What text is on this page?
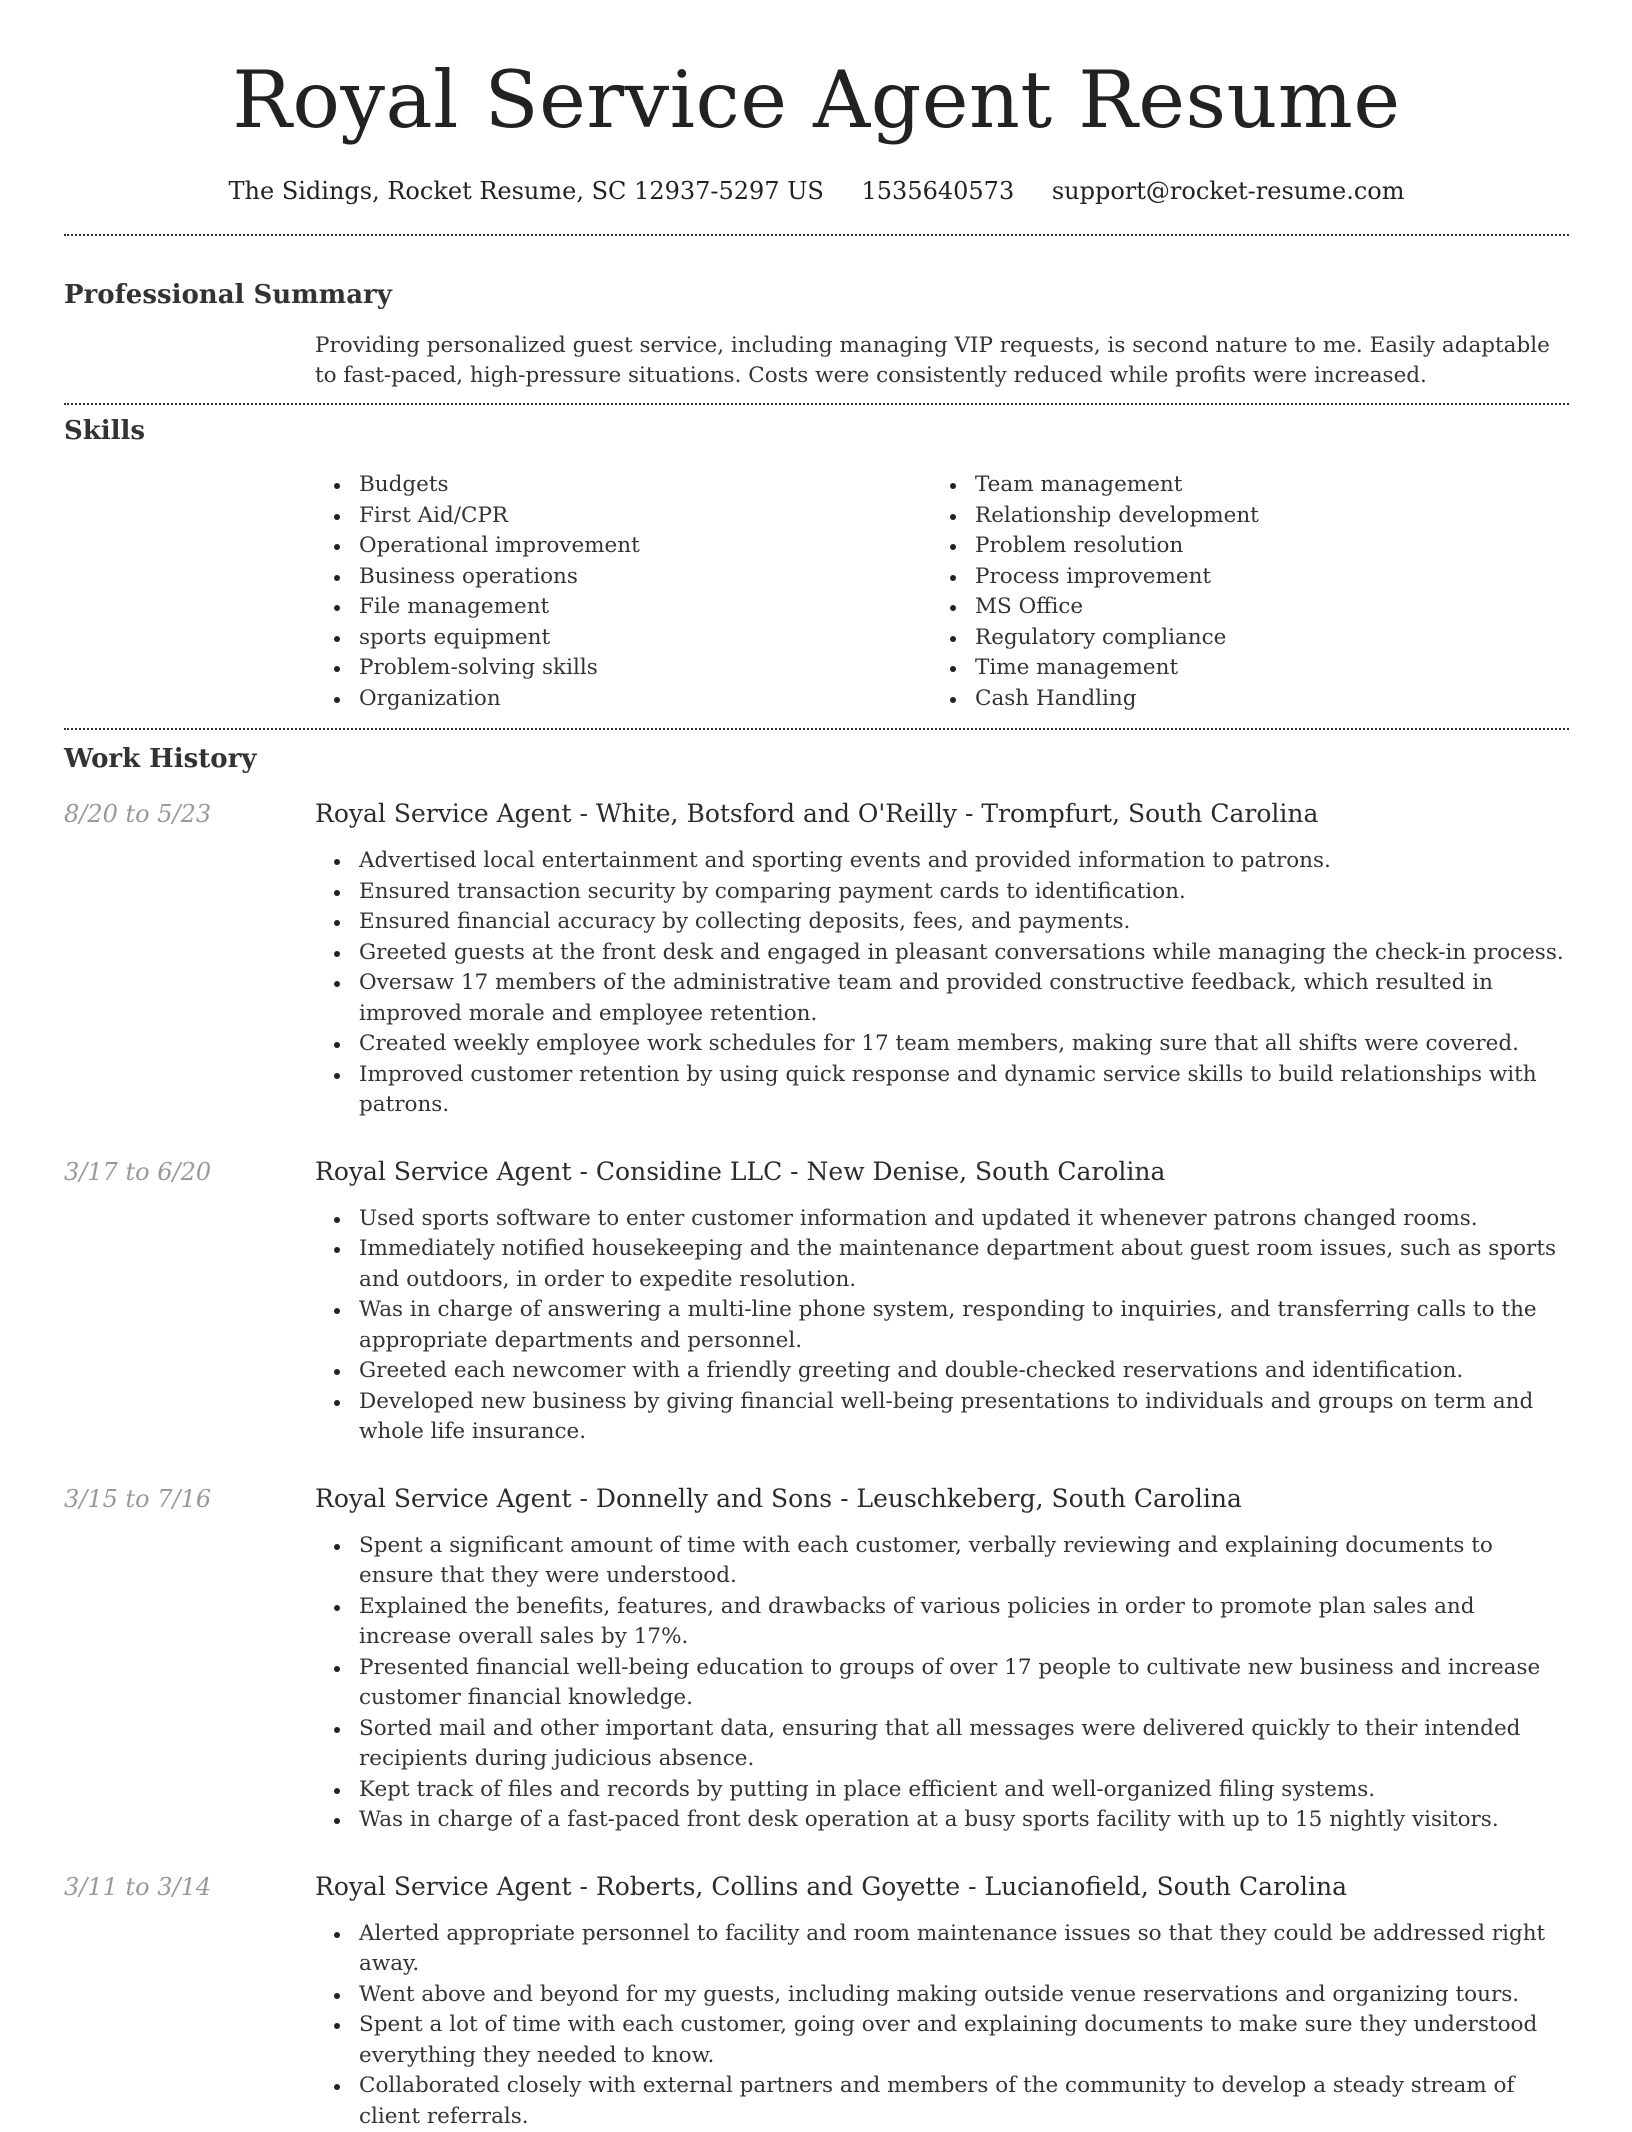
Royal Service Agent Resume
The Sidings, Rocket Resume, SC 12937-5297 US 1535640573 support@rocket-resume.com
Professional Summary

Providing personalized guest service, including managing VIP requests, is second nature to me. Easily adaptable to fast-paced, high-pressure situations. Costs were consistently reduced while profits were increased.

Skills
Budgets
First Aid/CPR
Operational improvement
Business operations
File management
sports equipment
Problem-solving skills
Organization
Team management
Relationship development
Problem resolution
Process improvement
MS Office
Regulatory compliance
Time management
Cash Handling
Work History
8/20 to 5/23	Royal Service Agent - White, Botsford and O'Reilly - Trompfurt, South Carolina
Advertised local entertainment and sporting events and provided information to patrons.
Ensured transaction security by comparing payment cards to identification.
Ensured financial accuracy by collecting deposits, fees, and payments.
Greeted guests at the front desk and engaged in pleasant conversations while managing the check-in process.
Oversaw 17 members of the administrative team and provided constructive feedback, which resulted in improved morale and employee retention.
Created weekly employee work schedules for 17 team members, making sure that all shifts were covered.
Improved customer retention by using quick response and dynamic service skills to build relationships with patrons.
3/17 to 6/20	Royal Service Agent - Considine LLC - New Denise, South Carolina
Used sports software to enter customer information and updated it whenever patrons changed rooms.
Immediately notified housekeeping and the maintenance department about guest room issues, such as sports and outdoors, in order to expedite resolution.
Was in charge of answering a multi-line phone system, responding to inquiries, and transferring calls to the appropriate departments and personnel.
Greeted each newcomer with a friendly greeting and double-checked reservations and identification.
Developed new business by giving financial well-being presentations to individuals and groups on term and whole life insurance.
3/15 to 7/16	Royal Service Agent - Donnelly and Sons - Leuschkeberg, South Carolina
Spent a significant amount of time with each customer, verbally reviewing and explaining documents to ensure that they were understood.
Explained the benefits, features, and drawbacks of various policies in order to promote plan sales and increase overall sales by 17%.
Presented financial well-being education to groups of over 17 people to cultivate new business and increase customer financial knowledge.
Sorted mail and other important data, ensuring that all messages were delivered quickly to their intended recipients during judicious absence.
Kept track of files and records by putting in place efficient and well-organized filing systems.
Was in charge of a fast-paced front desk operation at a busy sports facility with up to 15 nightly visitors.
3/11 to 3/14	Royal Service Agent - Roberts, Collins and Goyette - Lucianofield, South Carolina
Alerted appropriate personnel to facility and room maintenance issues so that they could be addressed right away.
Went above and beyond for my guests, including making outside venue reservations and organizing tours.
Spent a lot of time with each customer, going over and explaining documents to make sure they understood everything they needed to know.
Collaborated closely with external partners and members of the community to develop a steady stream of client referrals.
